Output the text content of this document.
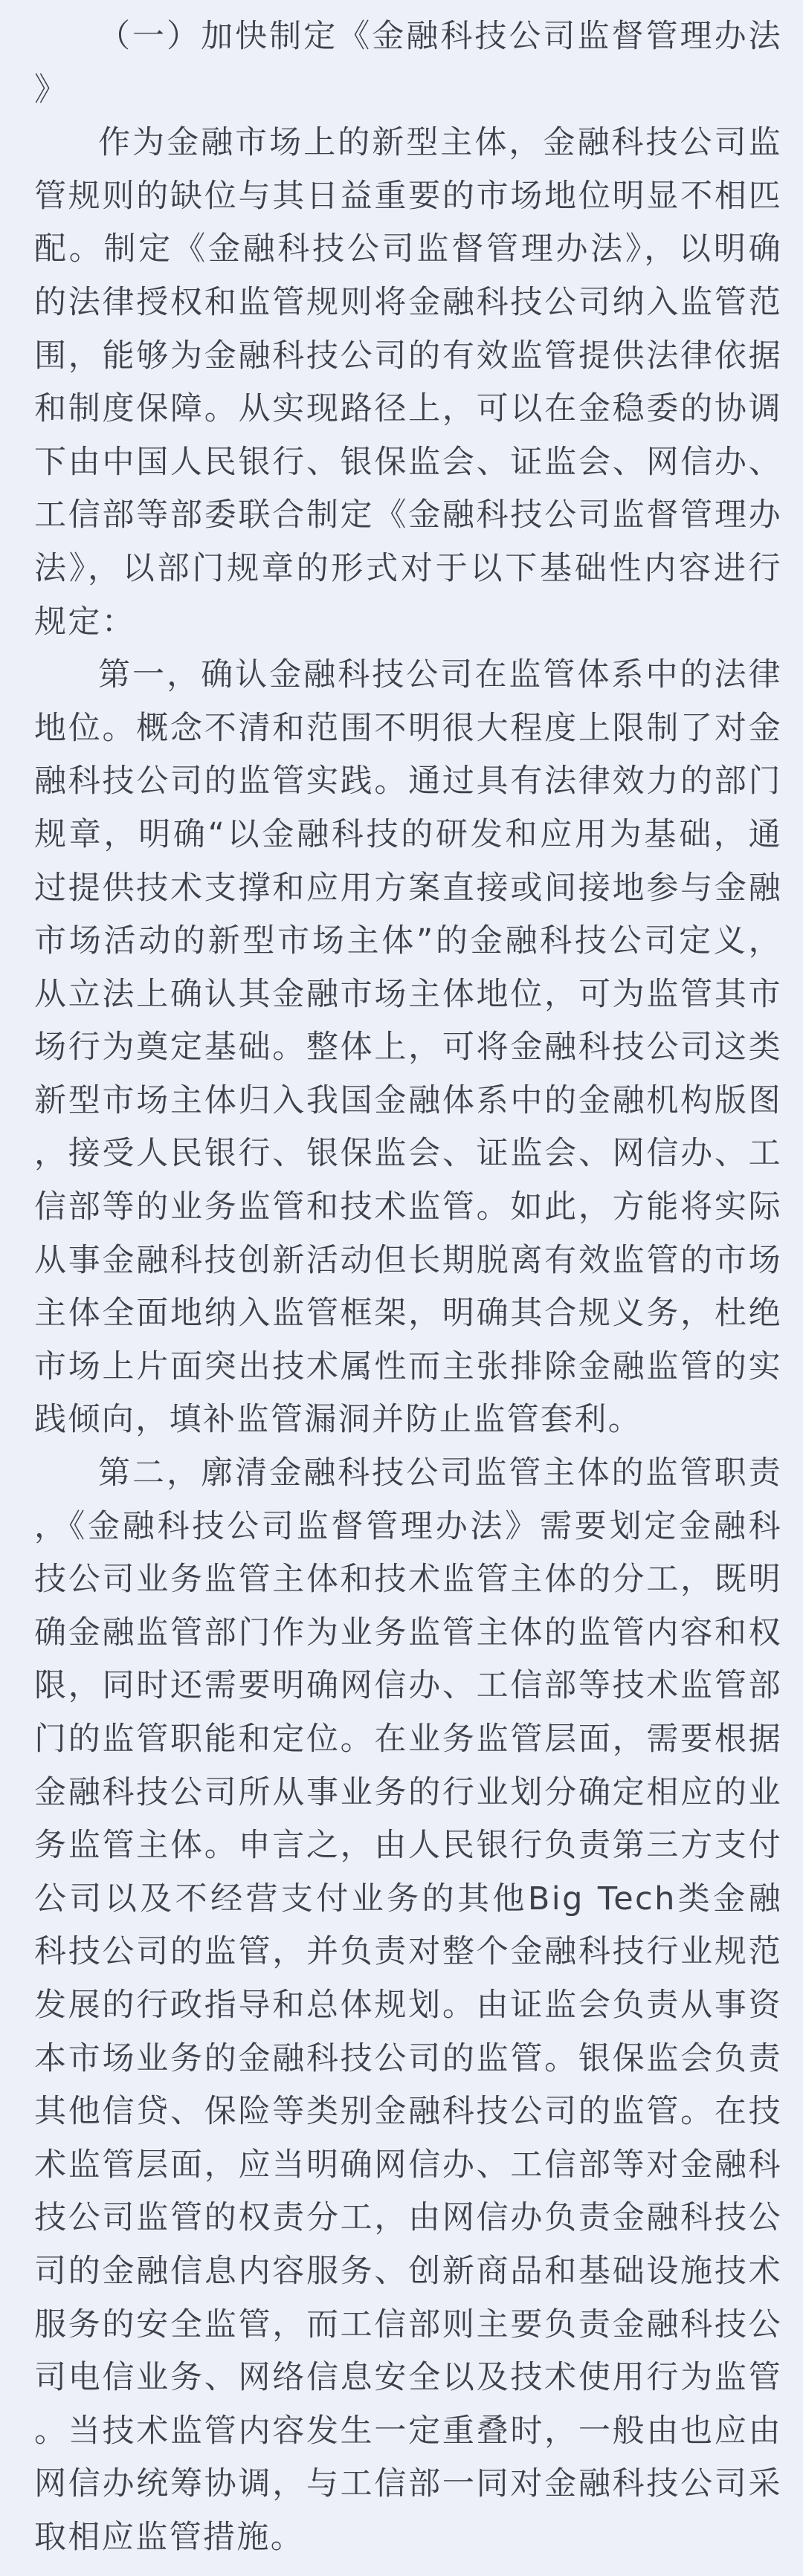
（一）加快制定《金融科技公司监督管理办法》

作为金融市场上的新型主体，金融科技公司监管规则的缺位与其日益重要的市场地位明显不相匹配。制定《金融科技公司监督管理办法》，以明确的法律授权和监管规则将金融科技公司纳入监管范围，能够为金融科技公司的有效监管提供法律依据和制度保障。从实现路径上，可以在金稳委的协调下由中国人民银行、银保监会、证监会、网信办、工信部等部委联合制定《金融科技公司监督管理办法》，以部门规章的形式对于以下基础性内容进行规定：

第一，确认金融科技公司在监管体系中的法律地位。概念不清和范围不明很大程度上限制了对金融科技公司的监管实践。通过具有法律效力的部门规章，明确“以金融科技的研发和应用为基础，通过提供技术支撑和应用方案直接或间接地参与金融市场活动的新型市场主体”的金融科技公司定义，从立法上确认其金融市场主体地位，可为监管其市场行为奠定基础。整体上，可将金融科技公司这类新型市场主体归入我国金融体系中的金融机构版图，接受人民银行、银保监会、证监会、网信办、工信部等的业务监管和技术监管。如此，方能将实际从事金融科技创新活动但长期脱离有效监管的市场主体全面地纳入监管框架，明确其合规义务，杜绝市场上片面突出技术属性而主张排除金融监管的实践倾向，填补监管漏洞并防止监管套利。

第二，廓清金融科技公司监管主体的监管职责，《金融科技公司监督管理办法》需要划定金融科技公司业务监管主体和技术监管主体的分工，既明确金融监管部门作为业务监管主体的监管内容和权限，同时还需要明确网信办、工信部等技术监管部门的监管职能和定位。在业务监管层面，需要根据金融科技公司所从事业务的行业划分确定相应的业务监管主体。申言之，由人民银行负责第三方支付公司以及不经营支付业务的其他Big Tech类金融科技公司的监管，并负责对整个金融科技行业规范发展的行政指导和总体规划。由证监会负责从事资本市场业务的金融科技公司的监管。银保监会负责其他信贷、保险等类别金融科技公司的监管。在技术监管层面，应当明确网信办、工信部等对金融科技公司监管的权责分工，由网信办负责金融科技公司的金融信息内容服务、创新商品和基础设施技术服务的安全监管，而工信部则主要负责金融科技公司电信业务、网络信息安全以及技术使用行为监管。当技术监管内容发生一定重叠时，一般由也应由网信办统筹协调，与工信部一同对金融科技公司采取相应监管措施。
